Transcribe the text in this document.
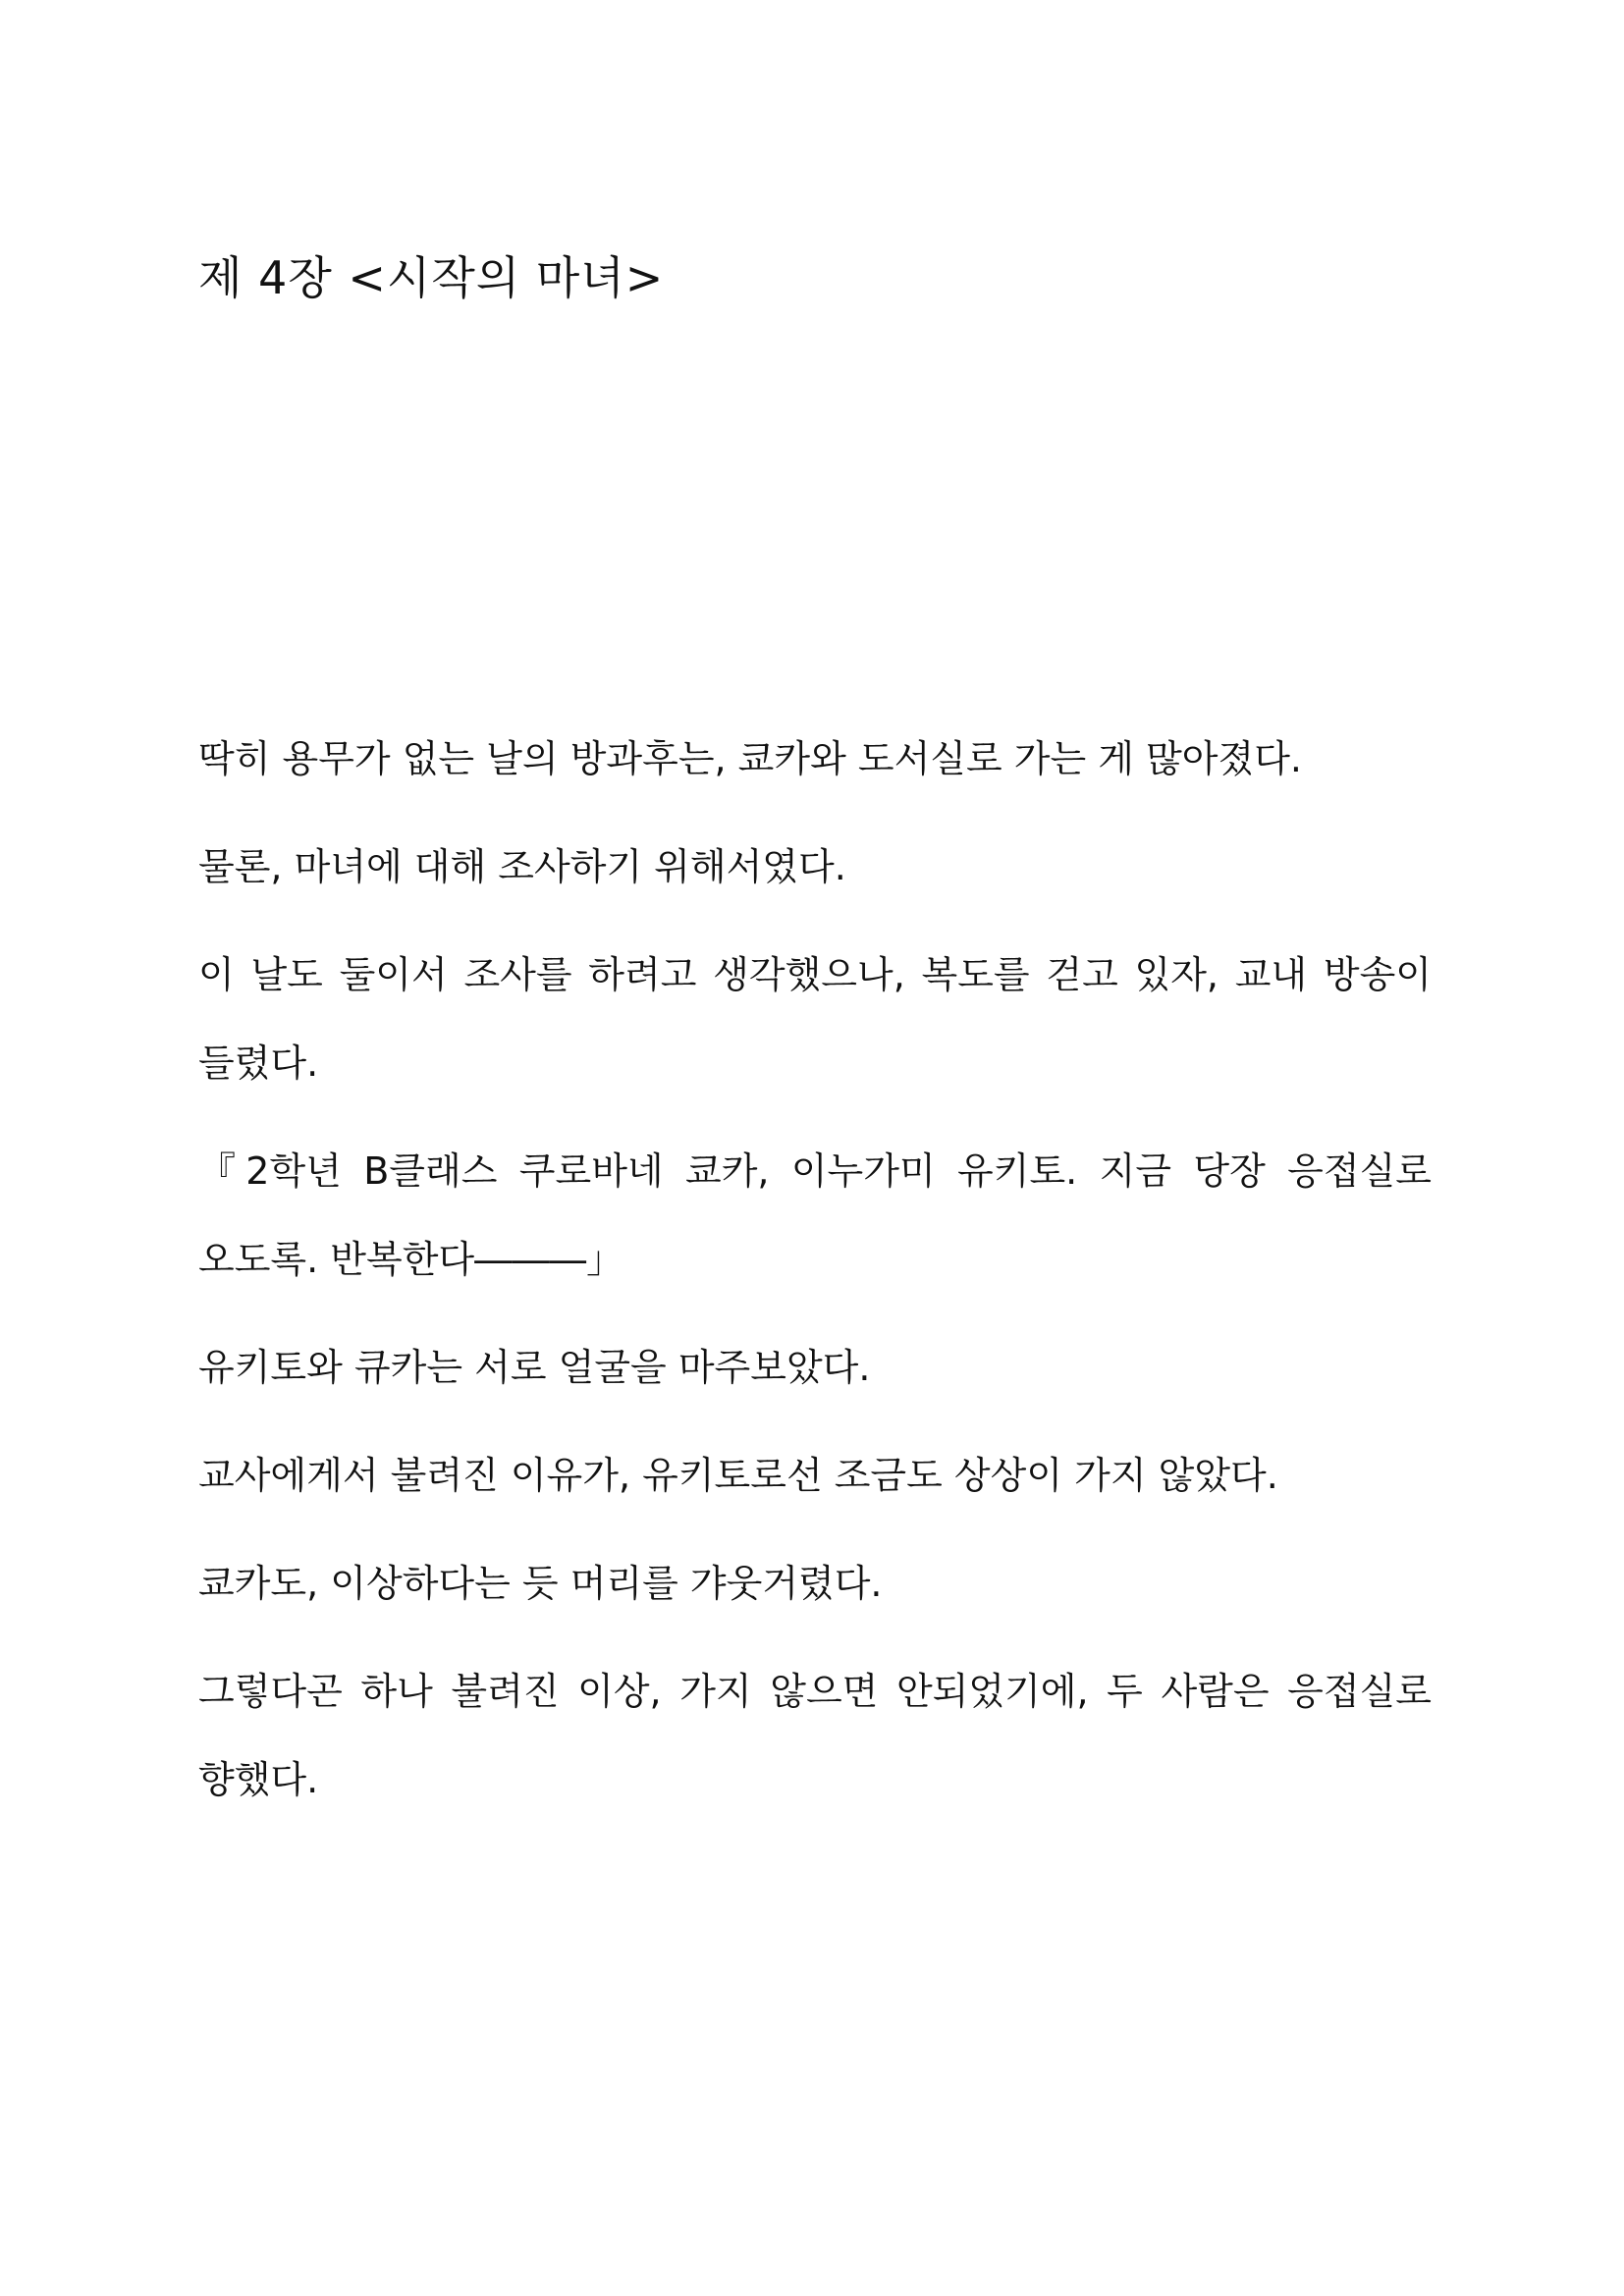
제 4장 <시작의 마녀>

딱히 용무가 없는 날의 방과후는, 쿄카와 도서실로 가는 게 많아졌다.

물론, 마녀에 대해 조사하기 위해서였다.

이 날도 둘이서 조사를 하려고 생각했으나, 복도를 걷고 있자, 교내 방송이 들렸다.

『2학년 B클래스 쿠로바네 쿄카, 이누가미 유키토. 지금 당장 응접실로 오도록. 반복한다―――」

유키토와 큐카는 서로 얼굴을 마주보았다.

교사에게서 불려진 이유가, 유키토로선 조금도 상상이 가지 않았다.

쿄카도, 이상하다는 듯 머리를 갸웃거렸다.

그렇다곤 하나 불려진 이상, 가지 않으면 안되었기에, 두 사람은 응접실로 향했다.
